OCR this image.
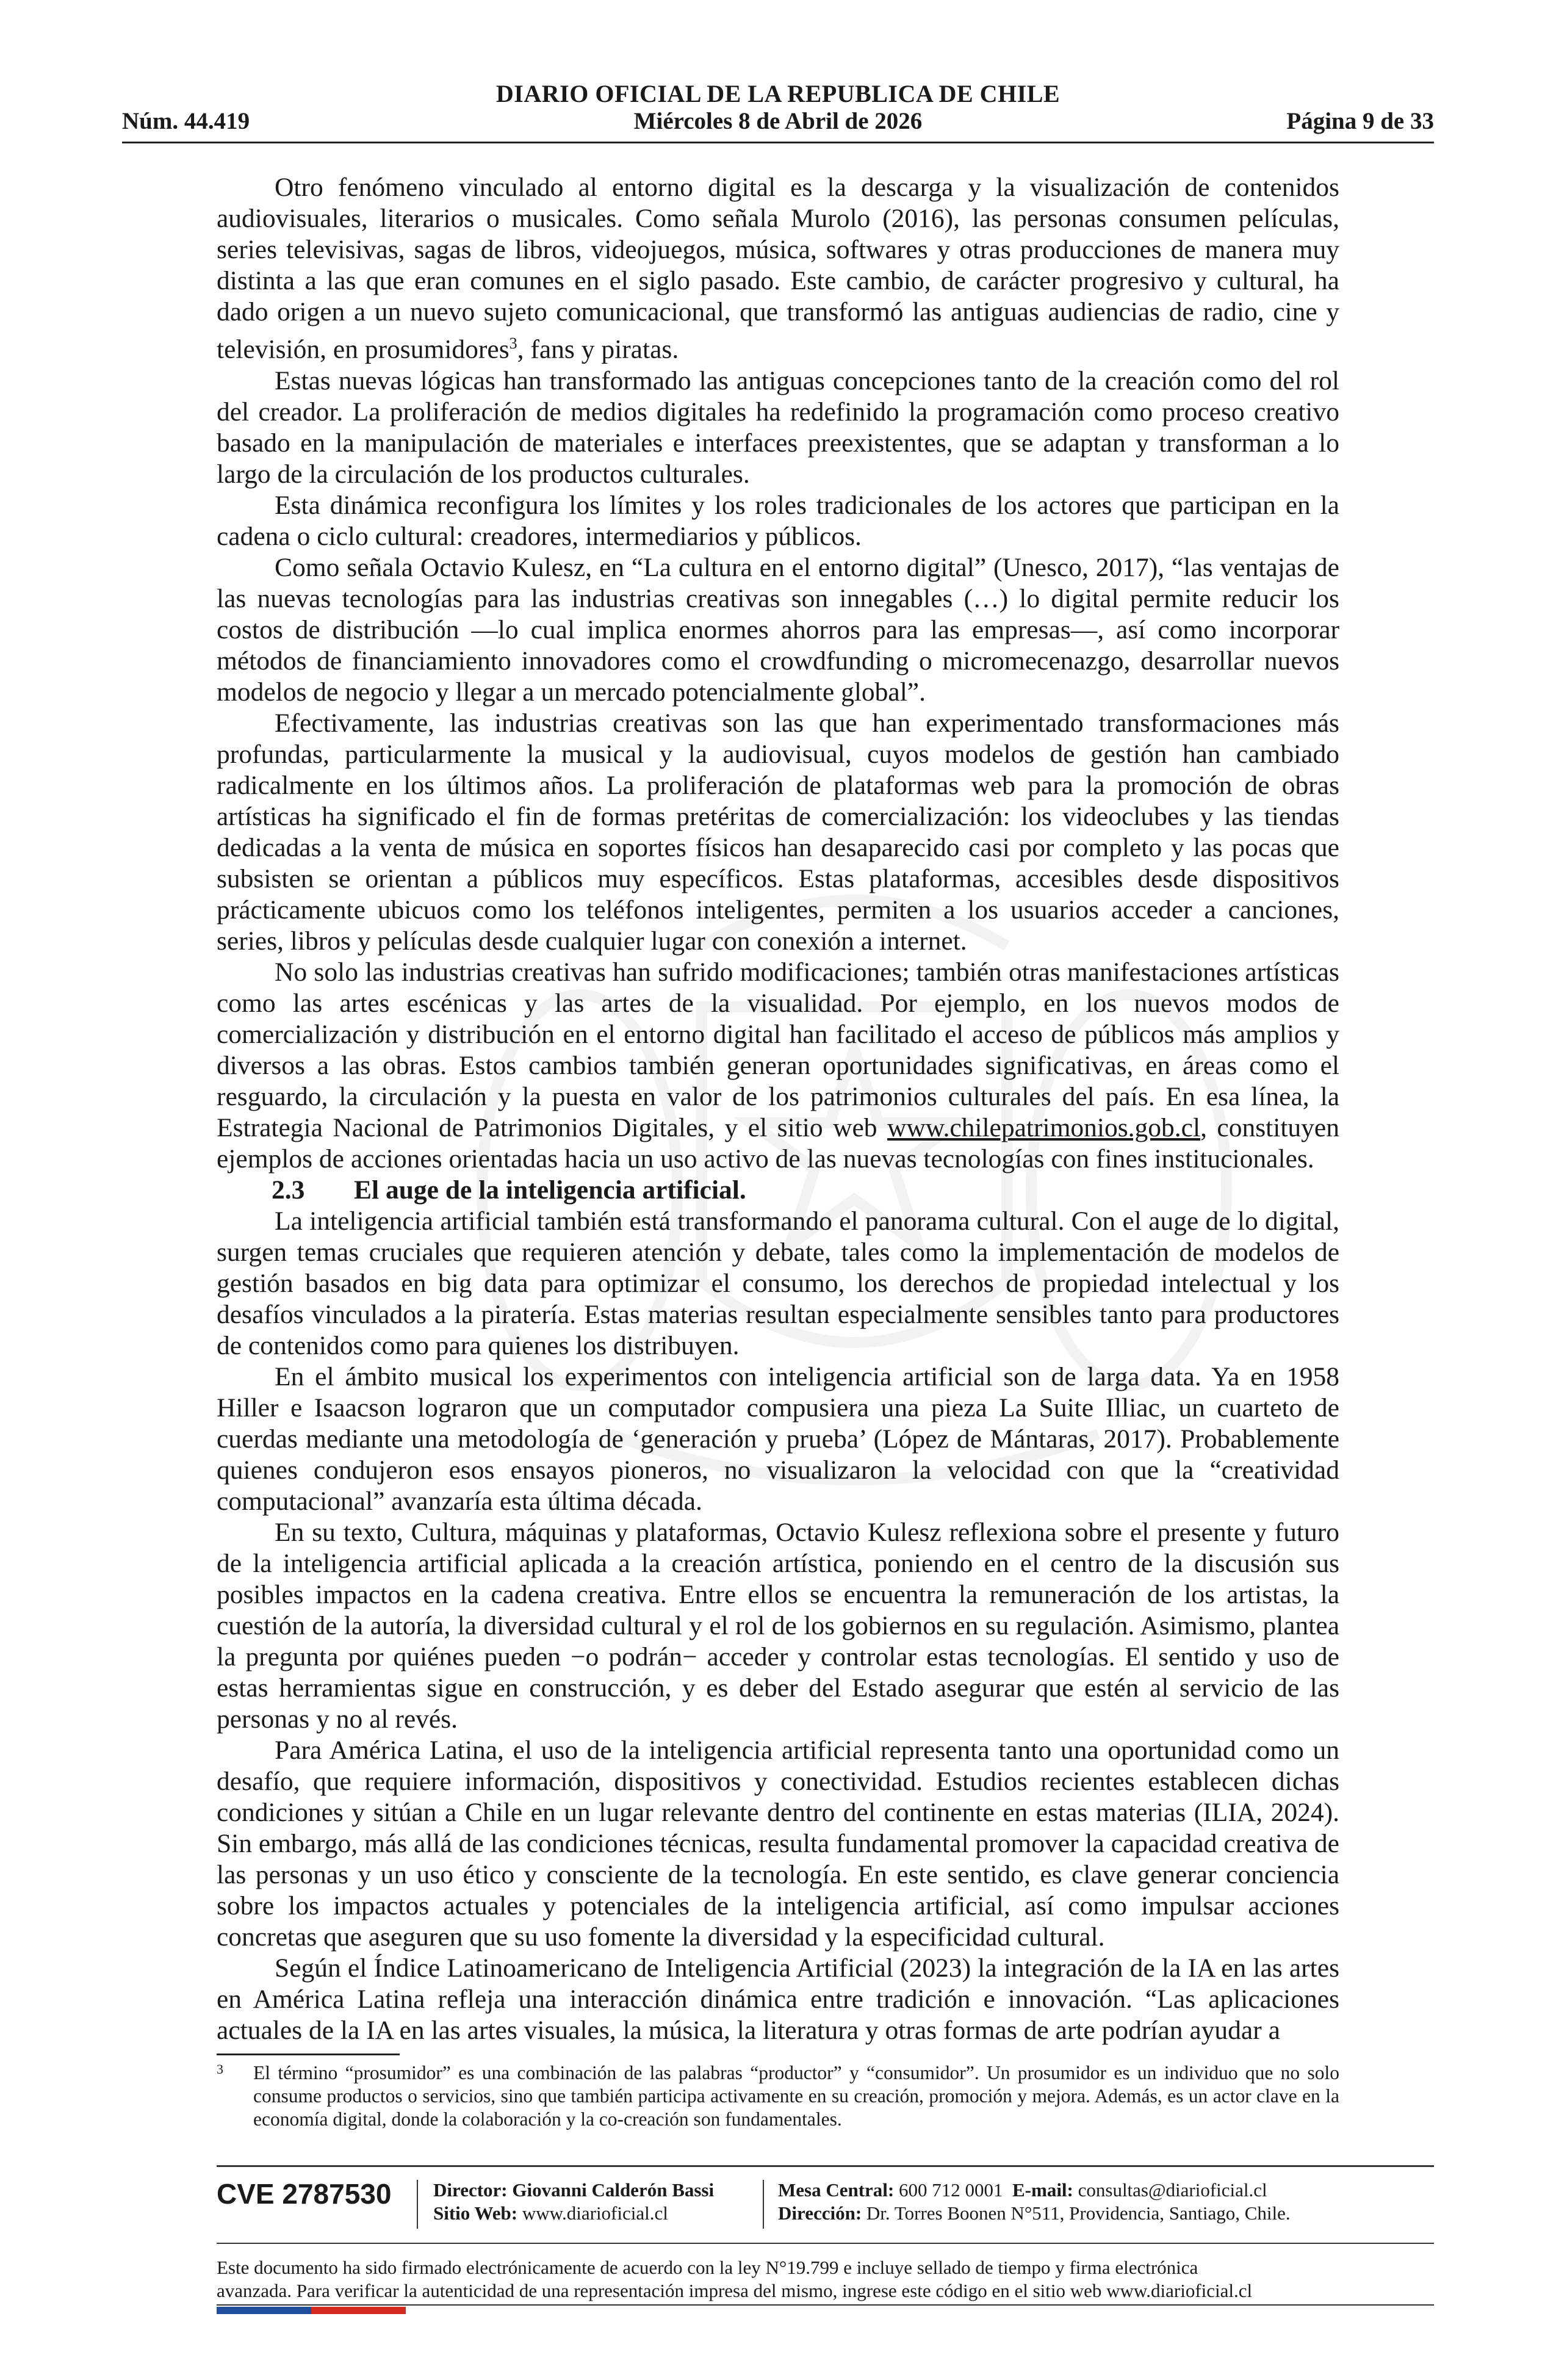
DIARIO OFICIAL DE LA REPUBLICA DE CHILE
Núm. 44.419	Miércoles 8 de Abril de 2026	Página 9 de 33

Otro fenómeno vinculado al entorno digital es la descarga y la visualización de contenidos audiovisuales, literarios o musicales. Como señala Murolo (2016), las personas consumen películas, series televisivas, sagas de libros, videojuegos, música, softwares y otras producciones de manera muy distinta a las que eran comunes en el siglo pasado. Este cambio, de carácter progresivo y cultural, ha dado origen a un nuevo sujeto comunicacional, que transformó las antiguas audiencias de radio, cine y televisión, en prosumidores$^3$, fans y piratas.

Estas nuevas lógicas han transformado las antiguas concepciones tanto de la creación como del rol del creador. La proliferación de medios digitales ha redefinido la programación como proceso creativo basado en la manipulación de materiales e interfaces preexistentes, que se adaptan y transforman a lo largo de la circulación de los productos culturales.

Esta dinámica reconfigura los límites y los roles tradicionales de los actores que participan en la cadena o ciclo cultural: creadores, intermediarios y públicos.

Como señala Octavio Kulesz, en “La cultura en el entorno digital” (Unesco, 2017), “las ventajas de las nuevas tecnologías para las industrias creativas son innegables (…) lo digital permite reducir los costos de distribución —lo cual implica enormes ahorros para las empresas—, así como incorporar métodos de financiamiento innovadores como el crowdfunding o micromecenazgo, desarrollar nuevos modelos de negocio y llegar a un mercado potencialmente global”.

Efectivamente, las industrias creativas son las que han experimentado transformaciones más profundas, particularmente la musical y la audiovisual, cuyos modelos de gestión han cambiado radicalmente en los últimos años. La proliferación de plataformas web para la promoción de obras artísticas ha significado el fin de formas pretéritas de comercialización: los videoclubes y las tiendas dedicadas a la venta de música en soportes físicos han desaparecido casi por completo y las pocas que subsisten se orientan a públicos muy específicos. Estas plataformas, accesibles desde dispositivos prácticamente ubicuos como los teléfonos inteligentes, permiten a los usuarios acceder a canciones, series, libros y películas desde cualquier lugar con conexión a internet.

No solo las industrias creativas han sufrido modificaciones; también otras manifestaciones artísticas como las artes escénicas y las artes de la visualidad. Por ejemplo, en los nuevos modos de comercialización y distribución en el entorno digital han facilitado el acceso de públicos más amplios y diversos a las obras. Estos cambios también generan oportunidades significativas, en áreas como el resguardo, la circulación y la puesta en valor de los patrimonios culturales del país. En esa línea, la Estrategia Nacional de Patrimonios Digitales, y el sitio web www.chilepatrimonios.gob.cl, constituyen ejemplos de acciones orientadas hacia un uso activo de las nuevas tecnologías con fines institucionales.

2.3 El auge de la inteligencia artificial.

La inteligencia artificial también está transformando el panorama cultural. Con el auge de lo digital, surgen temas cruciales que requieren atención y debate, tales como la implementación de modelos de gestión basados en big data para optimizar el consumo, los derechos de propiedad intelectual y los desafíos vinculados a la piratería. Estas materias resultan especialmente sensibles tanto para productores de contenidos como para quienes los distribuyen.

En el ámbito musical los experimentos con inteligencia artificial son de larga data. Ya en 1958 Hiller e Isaacson lograron que un computador compusiera una pieza La Suite Illiac, un cuarteto de cuerdas mediante una metodología de ‘generación y prueba’ (López de Mántaras, 2017). Probablemente quienes condujeron esos ensayos pioneros, no visualizaron la velocidad con que la “creatividad computacional” avanzaría esta última década.

En su texto, Cultura, máquinas y plataformas, Octavio Kulesz reflexiona sobre el presente y futuro de la inteligencia artificial aplicada a la creación artística, poniendo en el centro de la discusión sus posibles impactos en la cadena creativa. Entre ellos se encuentra la remuneración de los artistas, la cuestión de la autoría, la diversidad cultural y el rol de los gobiernos en su regulación. Asimismo, plantea la pregunta por quiénes pueden −o podrán− acceder y controlar estas tecnologías. El sentido y uso de estas herramientas sigue en construcción, y es deber del Estado asegurar que estén al servicio de las personas y no al revés.

Para América Latina, el uso de la inteligencia artificial representa tanto una oportunidad como un desafío, que requiere información, dispositivos y conectividad. Estudios recientes establecen dichas condiciones y sitúan a Chile en un lugar relevante dentro del continente en estas materias (ILIA, 2024). Sin embargo, más allá de las condiciones técnicas, resulta fundamental promover la capacidad creativa de las personas y un uso ético y consciente de la tecnología. En este sentido, es clave generar conciencia sobre los impactos actuales y potenciales de la inteligencia artificial, así como impulsar acciones concretas que aseguren que su uso fomente la diversidad y la especificidad cultural.

Según el Índice Latinoamericano de Inteligencia Artificial (2023) la integración de la IA en las artes en América Latina refleja una interacción dinámica entre tradición e innovación. “Las aplicaciones actuales de la IA en las artes visuales, la música, la literatura y otras formas de arte podrían ayudar a

3 El término “prosumidor” es una combinación de las palabras “productor” y “consumidor”. Un prosumidor es un individuo que no solo consume productos o servicios, sino que también participa activamente en su creación, promoción y mejora. Además, es un actor clave en la economía digital, donde la colaboración y la co-creación son fundamentales.
CVE 2787530 Director: Giovanni Calderón Bassi
Sitio Web: www.diarioficial.cl
Mesa Central: 600 712 0001 E-mail: consultas@diarioficial.cl
Dirección: Dr. Torres Boonen N°511, Providencia, Santiago, Chile.
Este documento ha sido firmado electrónicamente de acuerdo con la ley N°19.799 e incluye sellado de tiempo y firma electrónica
avanzada. Para verificar la autenticidad de una representación impresa del mismo, ingrese este código en el sitio web www.diarioficial.cl
